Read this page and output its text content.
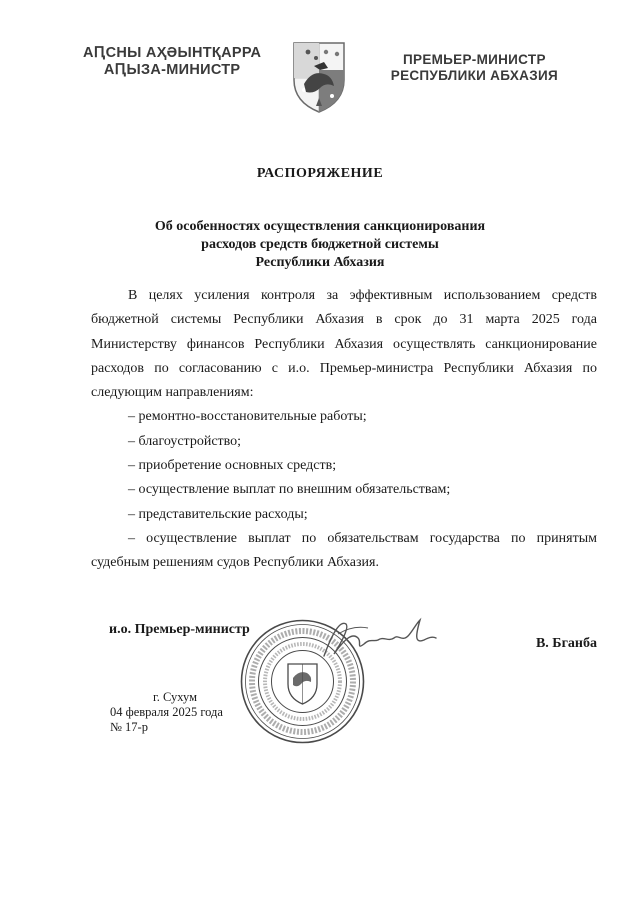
АԤСНЫ АҲӘЫНТҚАРРА
АԤЫЗА-МИНИСТР
ПРЕМЬЕР-МИНИСТР
РЕСПУБЛИКИ АБХАЗИЯ
РАСПОРЯЖЕНИЕ
Об особенностях осуществления санкционирования
расходов средств бюджетной системы
Республики Абхазия

В целях усиления контроля за эффективным использованием средств бюджетной системы Республики Абхазия в срок до 31 марта 2025 года Министерству финансов Республики Абхазия осуществлять санкционирование расходов по согласованию с и.о. Премьер-министра Республики Абхазия по следующим направлениям:

– ремонтно-восстановительные работы;

– благоустройство;

– приобретение основных средств;

– осуществление выплат по внешним обязательствам;

– представительские расходы;

– осуществление выплат по обязательствам государства по принятым судебным решениям судов Республики Абхазия.

и.о. Премьер-министр
В. Бганба
г. Сухум
04 февраля 2025 года
№ 17-р
